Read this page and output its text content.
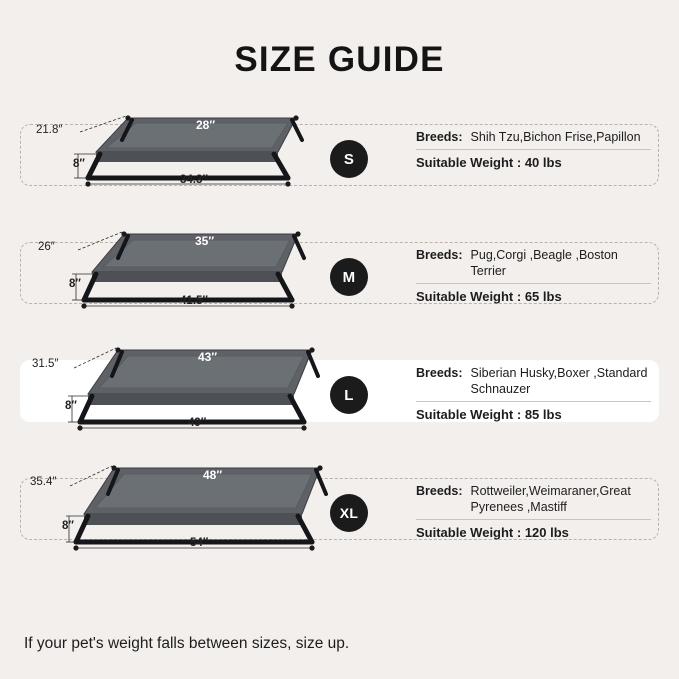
SIZE GUIDE
21.8″
8″
28″
34.3″
S
Breeds: Shih Tzu,Bichon Frise,Papillon
Suitable Weight : 40 lbs
26″
8″
35″
41.5″
M
Breeds: Pug,Corgi ,Beagle ,Boston Terrier
Suitable Weight : 65 lbs
31.5″
8″
43″
49″
L
Breeds: Siberian Husky,Boxer ,Standard Schnauzer
Suitable Weight : 85 lbs
35.4″
8″
48″
54″
XL
Breeds: Rottweiler,Weimaraner,Great Pyrenees ,Mastiff
Suitable Weight : 120 lbs
If your pet's weight falls between sizes, size up.
